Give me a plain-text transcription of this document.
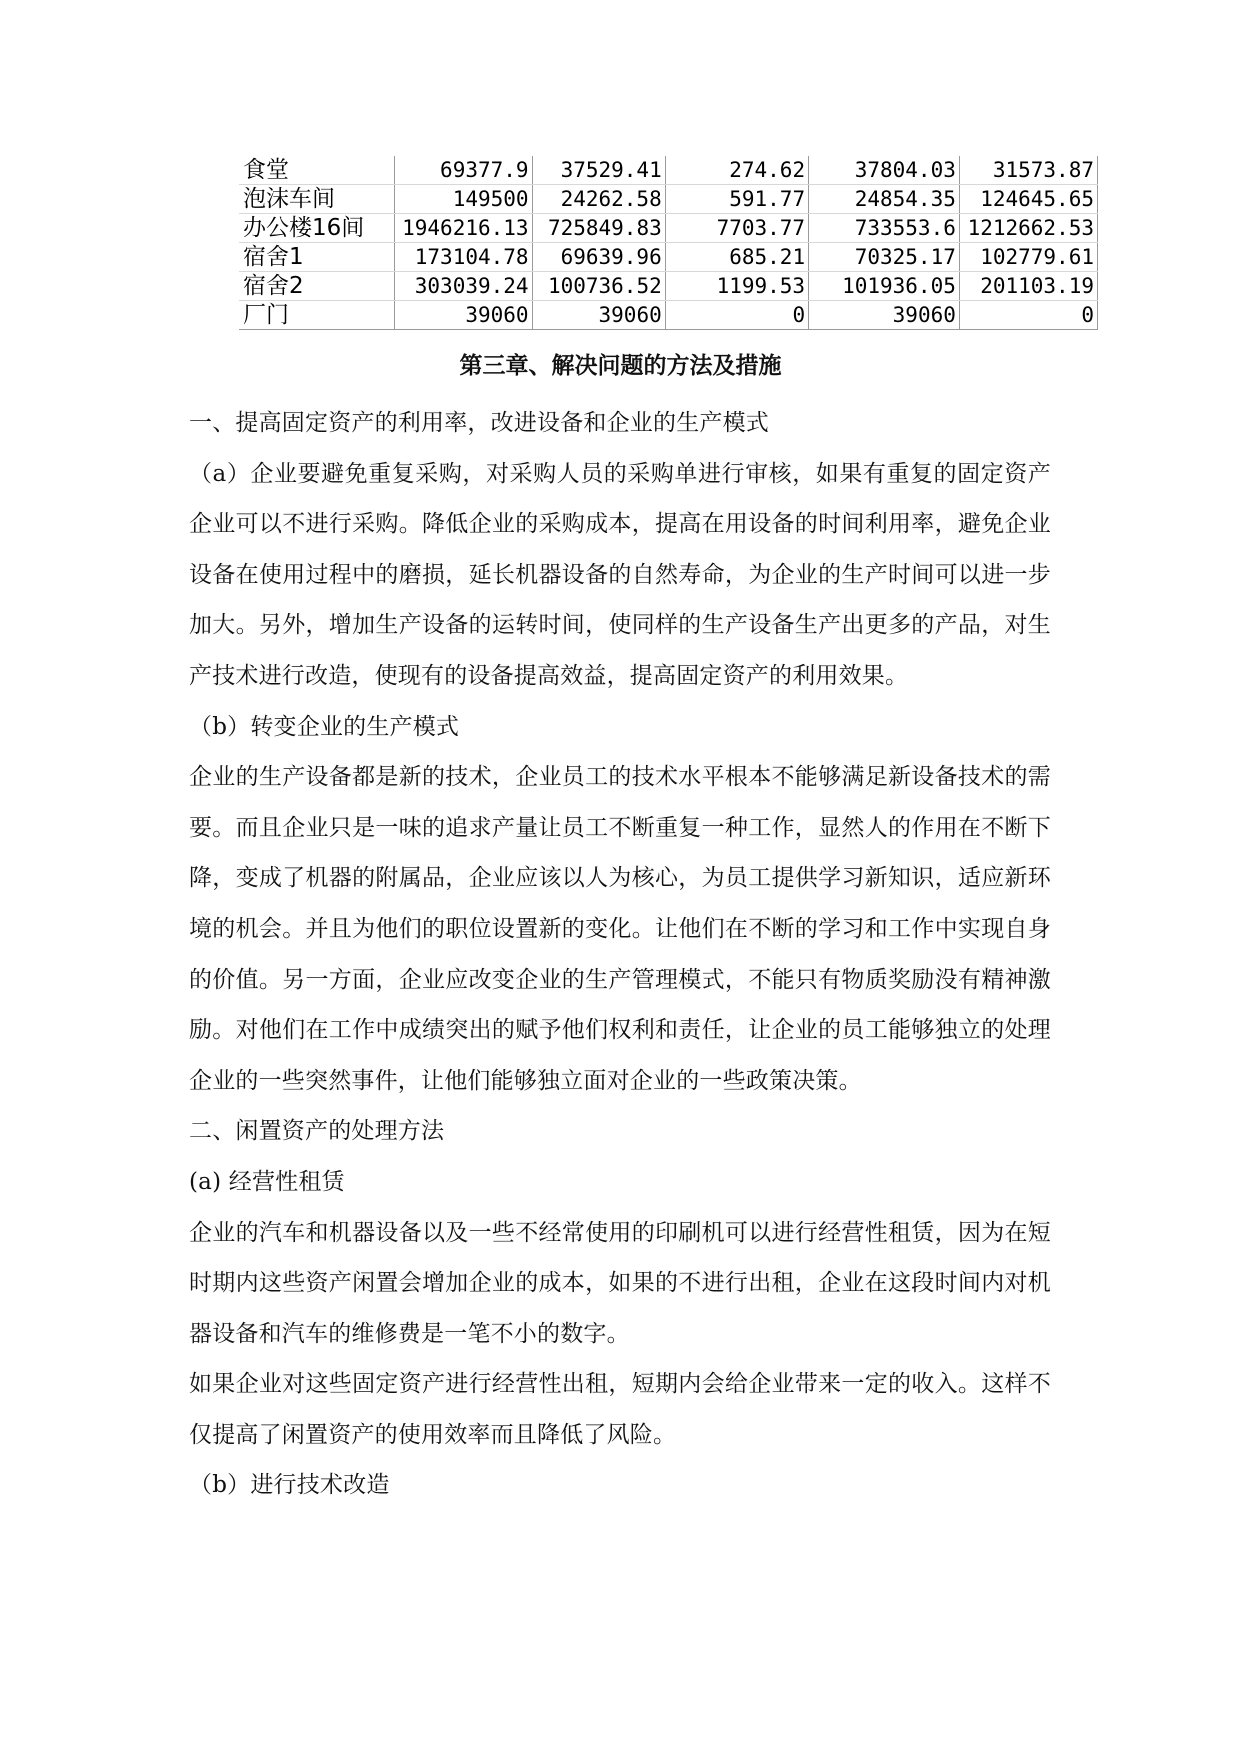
食堂	69377.9	37529.41	274.62	37804.03	31573.87
泡沫车间	149500	24262.58	591.77	24854.35	124645.65
办公楼16间	1946216.13	725849.83	7703.77	733553.6	1212662.53
宿舍1	173104.78	69639.96	685.21	70325.17	102779.61
宿舍2	303039.24	100736.52	1199.53	101936.05	201103.19
厂门	39060	39060	0	39060	0
第三章、解决问题的方法及措施

一、提高固定资产的利用率，改进设备和企业的生产模式

（a）企业要避免重复采购，对采购人员的采购单进行审核，如果有重复的固定资产企业可以不进行采购。降低企业的采购成本，提高在用设备的时间利用率，避免企业设备在使用过程中的磨损，延长机器设备的自然寿命，为企业的生产时间可以进一步加大。另外，增加生产设备的运转时间，使同样的生产设备生产出更多的产品，对生产技术进行改造，使现有的设备提高效益，提高固定资产的利用效果。

（b）转变企业的生产模式

企业的生产设备都是新的技术，企业员工的技术水平根本不能够满足新设备技术的需要。而且企业只是一味的追求产量让员工不断重复一种工作，显然人的作用在不断下降，变成了机器的附属品，企业应该以人为核心，为员工提供学习新知识，适应新环境的机会。并且为他们的职位设置新的变化。让他们在不断的学习和工作中实现自身的价值。另一方面，企业应改变企业的生产管理模式，不能只有物质奖励没有精神激励。对他们在工作中成绩突出的赋予他们权利和责任，让企业的员工能够独立的处理企业的一些突然事件，让他们能够独立面对企业的一些政策决策。

二、闲置资产的处理方法

(a) 经营性租赁

企业的汽车和机器设备以及一些不经常使用的印刷机可以进行经营性租赁，因为在短时期内这些资产闲置会增加企业的成本，如果的不进行出租，企业在这段时间内对机器设备和汽车的维修费是一笔不小的数字。

如果企业对这些固定资产进行经营性出租，短期内会给企业带来一定的收入。这样不仅提高了闲置资产的使用效率而且降低了风险。

（b）进行技术改造
